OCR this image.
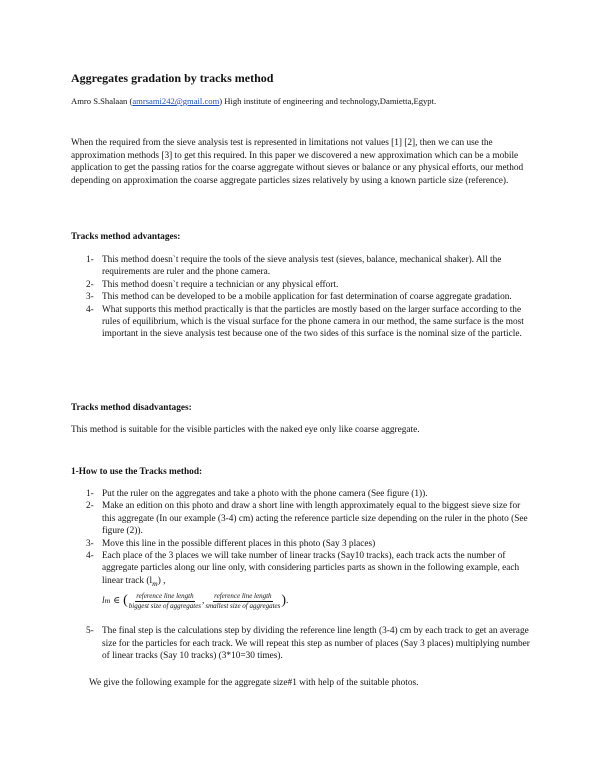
Aggregates gradation by tracks method
Amro S.Shalaan (amrsami242@gmail.com) High institute of engineering and technology,Damietta,Egypt.
When the required from the sieve analysis test is represented in limitations not values [1] [2], then we can use the approximation methods [3] to get this required. In this paper we discovered a new approximation which can be a mobile application to get the passing ratios for the coarse aggregate without sieves or balance or any physical efforts, our method depending on approximation the coarse aggregate particles sizes relatively by using a known particle size (reference).
Tracks method advantages:
1- This method doesn`t require the tools of the sieve analysis test (sieves, balance, mechanical shaker). All the requirements are ruler and the phone camera.
2- This method doesn`t require a technician or any physical effort.
3- This method can be developed to be a mobile application for fast determination of coarse aggregate gradation.
4- What supports this method practically is that the particles are mostly based on the larger surface according to the rules of equilibrium, which is the visual surface for the phone camera in our method, the same surface is the most important in the sieve analysis test because one of the two sides of this surface is the nominal size of the particle.
Tracks method disadvantages:
This method is suitable for the visible particles with the naked eye only like coarse aggregate.
1-How to use the Tracks method:
1- Put the ruler on the aggregates and take a photo with the phone camera (See figure (1)).
2- Make an edition on this photo and draw a short line with length approximately equal to the biggest sieve size for this aggregate (In our example (3-4) cm) acting the reference particle size depending on the ruler in the photo (See figure (2)).
3- Move this line in the possible different places in this photo (Say 3 places)
4- Each place of the 3 places we will take number of linear tracks (Say10 tracks), each track acts the number of aggregate particles along our line only, with considering particles parts as shown in the following example, each linear track $(l_m)$ ,
l m ∈ ( $\frac{\text{reference line length}}{\text{biggest size of aggregates}}$ , $\frac{\text{reference line length}}{\text{smallest size of aggregates}}$ ) .
5- The final step is the calculations step by dividing the reference line length (3-4) cm by each track to get an average size for the particles for each track. We will repeat this step as number of places (Say 3 places) multiplying number of linear tracks (Say 10 tracks) (3*10=30 times).
We give the following example for the aggregate size#1 with help of the suitable photos.
